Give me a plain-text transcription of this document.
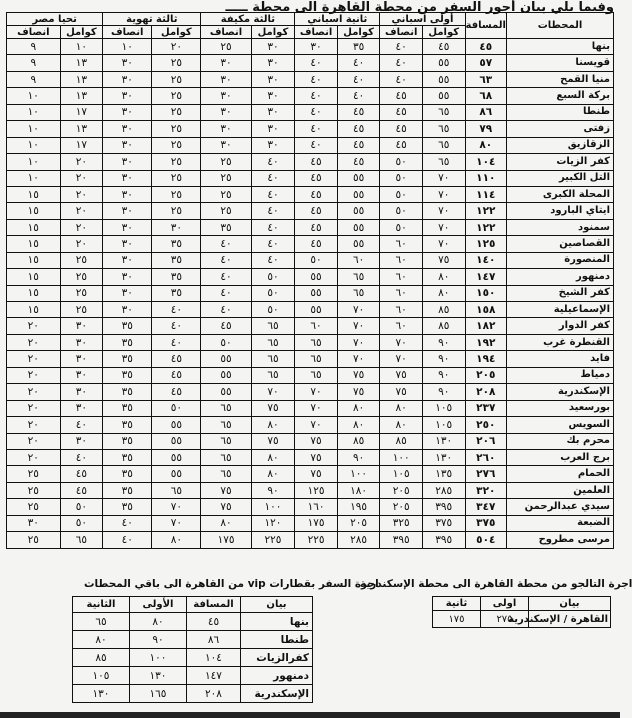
وفيما يلي بيان أجور السفر من محطة القاهرة الى محطة ـــــ
المحطات	المسافة	أولى اسباني		ثانية اسباني		ثالثة مكيفة		ثالثة تهوية		تحيا مصر	
		كوامل	انصاف	كوامل	انصاف	كوامل	انصاف	كوامل	انصاف	كوامل	انصاف
بنها	٤٥	٤٥	٤٠	٣٥	٣٠	٣٠	٢٥	٢٠	١٠	١٠	٩
قويسنا	٥٧	٥٥	٤٠	٤٠	٤٠	٣٠	٣٠	٢٥	٣٠	١٣	٩
منيا القمح	٦٣	٥٥	٤٠	٤٠	٤٠	٣٠	٣٠	٢٥	٣٠	١٣	٩
بركة السبع	٦٨	٥٥	٤٥	٤٠	٤٠	٣٠	٣٠	٢٥	٣٠	١٣	١٠
طنطا	٨٦	٦٥	٤٥	٤٥	٤٠	٣٠	٣٠	٢٥	٣٠	١٧	١٠
زفتى	٧٩	٦٥	٤٥	٤٥	٤٠	٣٠	٣٠	٢٥	٣٠	١٣	١٠
الزقازيق	٨٠	٦٥	٤٥	٤٥	٤٠	٣٠	٣٠	٢٥	٣٠	١٧	١٠
كفر الزيات	١٠٤	٦٥	٥٠	٤٥	٤٥	٤٠	٢٥	٢٥	٣٠	٢٠	١٠
التل الكبير	١١٠	٧٠	٥٠	٥٥	٤٥	٤٠	٢٥	٢٥	٣٠	٢٠	١٠
المحلة الكبرى	١١٤	٧٠	٥٠	٥٥	٤٥	٤٠	٢٥	٢٥	٣٠	٢٠	١٥
ايتاي البارود	١٢٢	٧٠	٥٠	٥٥	٤٥	٤٠	٢٥	٢٥	٣٠	٢٠	١٥
سمنود	١٢٢	٧٠	٥٠	٥٥	٤٥	٤٠	٣٥	٣٠	٣٠	٢٠	١٥
القصاصين	١٢٥	٧٠	٦٠	٥٥	٤٥	٤٠	٤٠	٣٥	٣٠	٢٠	١٥
المنصورة	١٤٠	٧٥	٦٠	٦٠	٥٠	٤٠	٤٠	٣٥	٣٠	٢٥	١٥
دمنهور	١٤٧	٨٠	٦٠	٦٥	٥٥	٥٠	٤٠	٣٥	٣٠	٢٥	١٥
كفر الشيخ	١٥٠	٨٠	٦٠	٦٥	٥٥	٥٠	٤٠	٣٥	٣٠	٢٥	١٥
الإسماعيلية	١٥٨	٨٥	٦٠	٧٠	٥٥	٥٠	٤٠	٤٠	٣٠	٢٥	١٥
كفر الدوار	١٨٢	٨٥	٦٠	٧٠	٦٠	٦٥	٤٥	٤٠	٣٥	٣٠	٢٠
القنطرة غرب	١٩٢	٩٠	٧٠	٧٠	٦٥	٦٥	٥٠	٤٠	٣٥	٣٠	٢٠
فايد	١٩٤	٩٠	٧٠	٧٠	٦٥	٦٥	٥٥	٤٥	٣٥	٣٠	٢٠
دمياط	٢٠٥	٩٠	٧٥	٧٥	٦٥	٦٥	٥٥	٤٥	٣٥	٣٠	٢٠
الإسكندرية	٢٠٨	٩٠	٧٥	٧٥	٧٠	٧٠	٥٥	٤٥	٣٥	٣٠	٢٠
بورسعيد	٢٣٧	١٠٥	٨٠	٨٠	٧٠	٧٥	٦٥	٥٠	٣٥	٣٠	٢٠
السويس	٢٥٠	١٠٥	٨٠	٨٠	٧٠	٨٠	٦٥	٥٥	٣٥	٤٠	٢٠
محرم بك	٢٠٦	١٣٠	٨٥	٨٥	٧٥	٧٥	٦٥	٥٥	٣٥	٣٠	٢٠
برج العرب	٢٦٠	١٣٠	١٠٠	٩٠	٧٥	٨٠	٦٥	٥٥	٣٥	٤٠	٢٠
الحمام	٢٧٦	١٣٥	١٠٥	١٠٠	٧٥	٨٠	٦٥	٥٥	٣٥	٤٥	٢٥
العلمين	٣٢٠	٢٨٥	٢٠٥	١٨٠	١٢٥	٩٠	٧٥	٦٥	٣٥	٤٥	٢٥
سيدي عبدالرحمن	٣٤٧	٣٩٥	٢٠٥	١٩٥	١٦٠	١٠٠	٧٥	٧٠	٣٥	٥٠	٢٥
الضبعة	٣٧٥	٣٧٥	٣٢٥	٢٠٥	١٧٥	١٢٠	٨٠	٧٠	٤٠	٥٠	٣٠
مرسى مطروح	٥٠٤	٣٩٥	٣٩٥	٢٨٥	٢٢٥	٢٢٥	١٧٥	٨٠	٤٠	٦٥	٢٥
اجرة السفر بقطارات vip من القاهرة الى باقي المحطات
بيان	المسافة	الأولى	الثانية
بنها	٤٥	٨٠	٦٥
طنطا	٨٦	٩٠	٨٠
كفرالزيات	١٠٤	١٠٠	٨٥
دمنهور	١٤٧	١٣٠	١٠٥
الإسكندرية	٢٠٨	١٦٥	١٣٠
اجرة التالجو من محطة القاهرة الى محطة الإسكندرية
بيان	اولى	ثانية
القاهرة / الإسكندرية	٢٧٥	١٧٥
